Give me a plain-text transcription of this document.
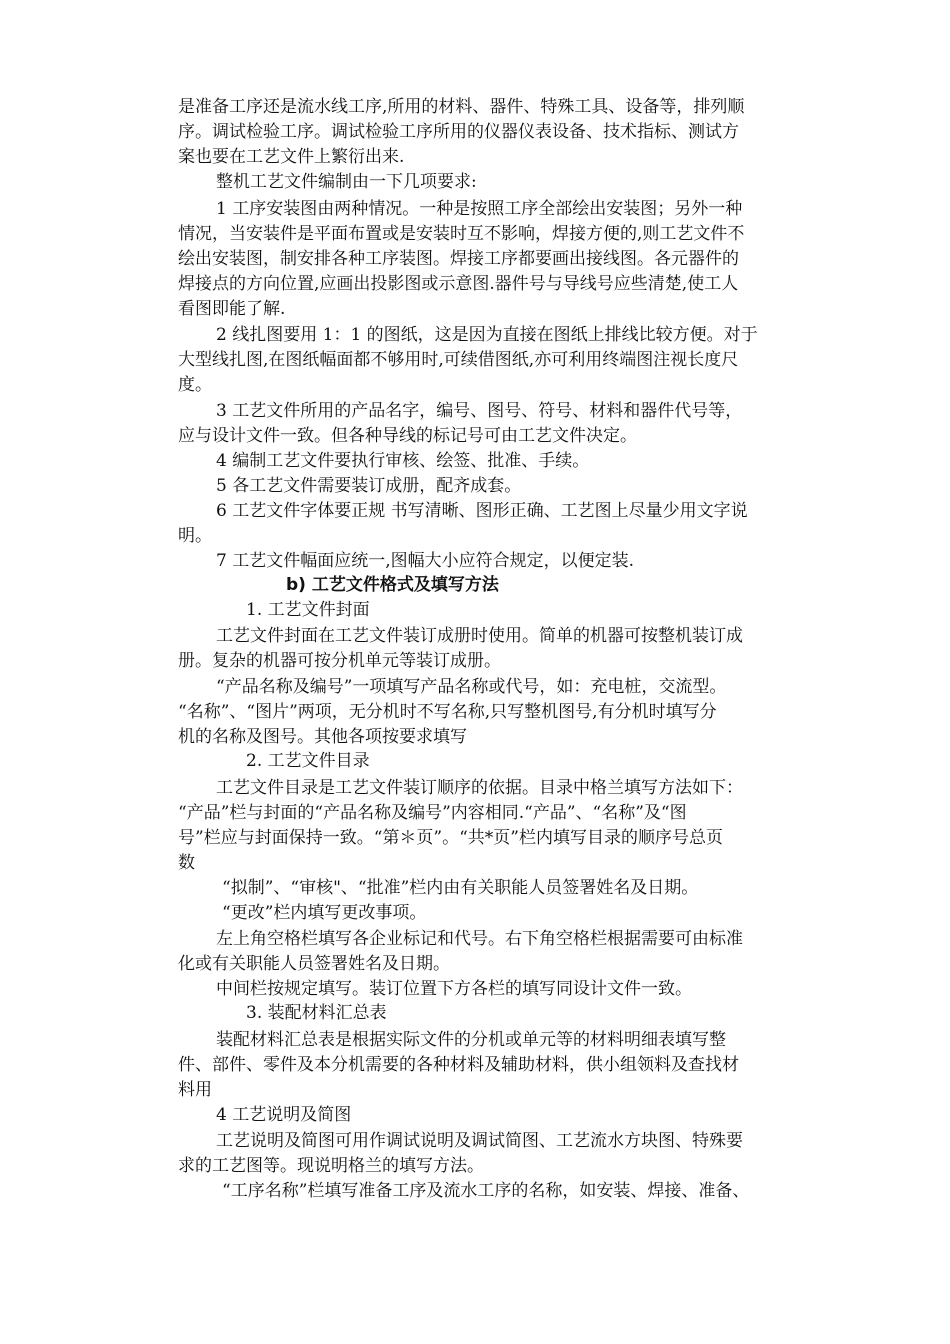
是准备工序还是流水线工序,所用的材料、器件、特殊工具、设备等，排列顺
序。调试检验工序。调试检验工序所用的仪器仪表设备、技术指标、测试方
案也要在工艺文件上繁衍出来.
整机工艺文件编制由一下几项要求:
1 工序安装图由两种情况。一种是按照工序全部绘出安装图；另外一种
情况，当安装件是平面布置或是安装时互不影响，焊接方便的,则工艺文件不
绘出安装图，制安排各种工序装图。焊接工序都要画出接线图。各元器件的
焊接点的方向位置,应画出投影图或示意图.器件号与导线号应些清楚,使工人
看图即能了解.
2 线扎图要用 1：1 的图纸，这是因为直接在图纸上排线比较方便。对于
大型线扎图,在图纸幅面都不够用时,可续借图纸,亦可利用终端图注视长度尺
度。
3 工艺文件所用的产品名字，编号、图号、符号、材料和器件代号等，
应与设计文件一致。但各种导线的标记号可由工艺文件决定。
4 编制工艺文件要执行审核、绘签、批准、手续。
5 各工艺文件需要装订成册，配齐成套。
6 工艺文件字体要正规 书写清晰、图形正确、工艺图上尽量少用文字说
明。
7 工艺文件幅面应统一,图幅大小应符合规定，以便定装.
b) 工艺文件格式及填写方法
1. 工艺文件封面
工艺文件封面在工艺文件装订成册时使用。简单的机器可按整机装订成
册。复杂的机器可按分机单元等装订成册。
“产品名称及编号”一项填写产品名称或代号，如：充电桩，交流型。
“名称”、“图片”两项，无分机时不写名称,只写整机图号,有分机时填写分
机的名称及图号。其他各项按要求填写
2. 工艺文件目录
工艺文件目录是工艺文件装订顺序的依据。目录中格兰填写方法如下：
“产品”栏与封面的“产品名称及编号”内容相同.“产品”、“名称”及“图
号”栏应与封面保持一致。“第＊页”。“共*页”栏内填写目录的顺序号总页
数
“拟制”、“审核"、“批准”栏内由有关职能人员签署姓名及日期。
“更改”栏内填写更改事项。
左上角空格栏填写各企业标记和代号。右下角空格栏根据需要可由标准
化或有关职能人员签署姓名及日期。
中间栏按规定填写。装订位置下方各栏的填写同设计文件一致。
3. 装配材料汇总表
装配材料汇总表是根据实际文件的分机或单元等的材料明细表填写整
件、部件、零件及本分机需要的各种材料及辅助材料，供小组领料及查找材
料用
4 工艺说明及简图
工艺说明及简图可用作调试说明及调试简图、工艺流水方块图、特殊要
求的工艺图等。现说明格兰的填写方法。
“工序名称”栏填写准备工序及流水工序的名称，如安装、焊接、准备、
